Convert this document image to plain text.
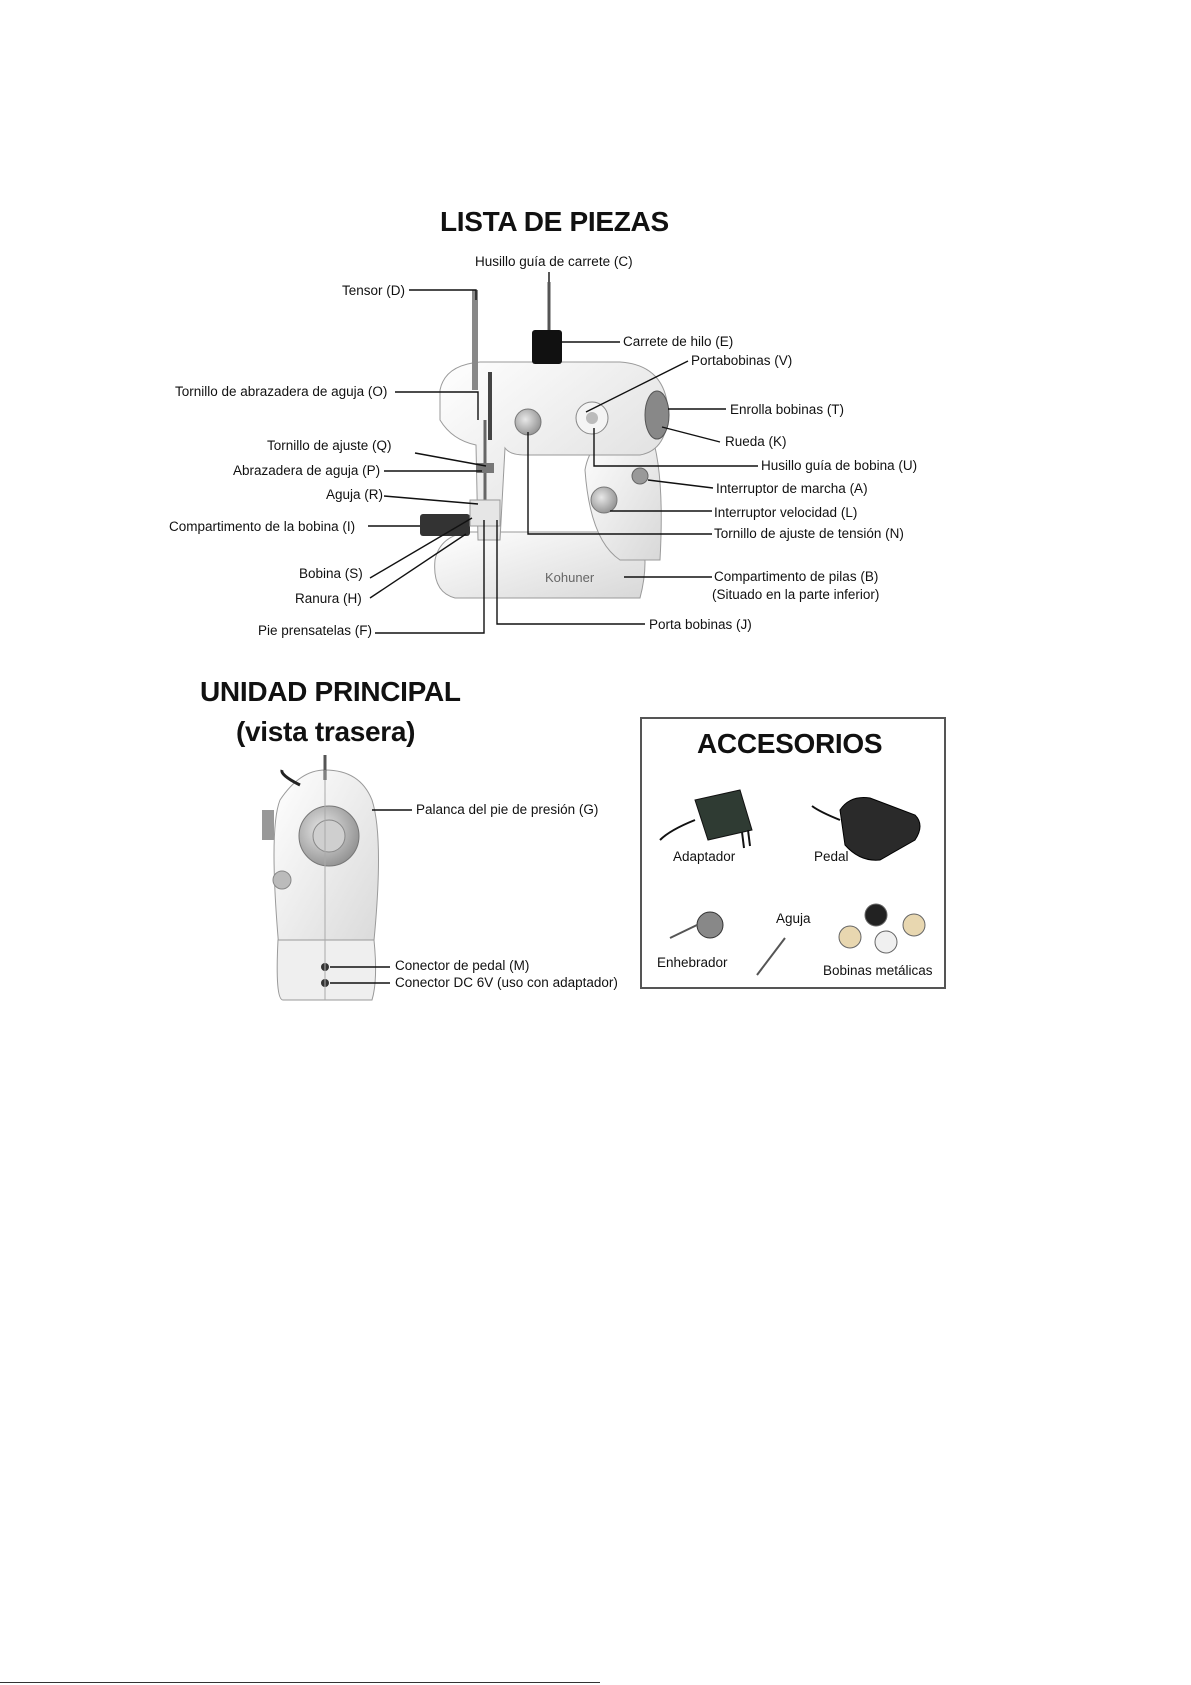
Kohuner
LISTA DE PIEZAS
Husillo guía de carrete (C)
Tensor (D)
Carrete de hilo (E)
Portabobinas (V)
Tornillo de abrazadera de aguja (O)
Enrolla bobinas (T)
Rueda (K)
Tornillo de ajuste (Q)
Husillo guía de bobina (U)
Abrazadera de aguja (P)
Interruptor de marcha (A)
Aguja (R)
Interruptor velocidad (L)
Compartimento de la bobina (I)	Tornillo de ajuste de tensión (N)
Bobina (S)	Compartimento de pilas (B)
(Situado en la parte inferior)
Ranura (H)
Porta bobinas (J)
Pie prensatelas (F)
UNIDAD PRINCIPAL
(vista trasera)
Palanca del pie de presión (G)
Conector de pedal (M)
Conector DC 6V (uso con adaptador)
ACCESORIOS
Adaptador	Pedal
Aguja
Enhebrador
Bobinas metálicas
